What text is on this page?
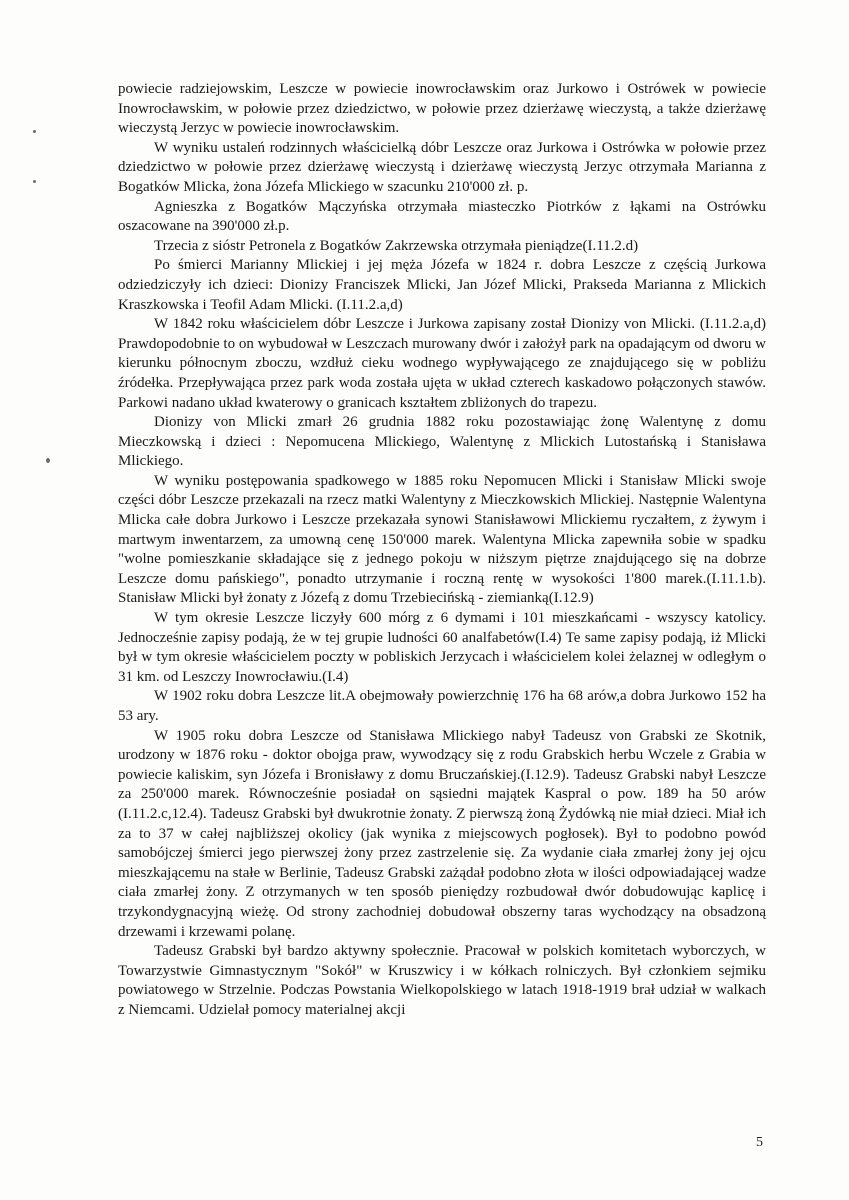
powiecie radziejowskim, Leszcze w powiecie inowrocławskim oraz Jurkowo i Ostrówek w powiecie Inowrocławskim, w połowie przez dziedzictwo, w połowie przez dzierżawę wieczystą, a także dzierżawę wieczystą Jerzyc w powiecie inowrocławskim.

W wyniku ustaleń rodzinnych właścicielką dóbr Leszcze oraz Jurkowa i Ostrówka w połowie przez dziedzictwo w połowie przez dzierżawę wieczystą i dzierżawę wieczystą Jerzyc otrzymała Marianna z Bogatków Mlicka, żona Józefa Mlickiego w szacunku 210'000 zł. p.

Agnieszka z Bogatków Mączyńska otrzymała miasteczko Piotrków z łąkami na Ostrówku oszacowane na 390'000 zł.p.

Trzecia z sióstr Petronela z Bogatków Zakrzewska otrzymała pieniądze(I.11.2.d)

Po śmierci Marianny Mlickiej i jej męża Józefa w 1824 r. dobra Leszcze z częścią Jurkowa odziedziczyły ich dzieci: Dionizy Franciszek Mlicki, Jan Józef Mlicki, Prakseda Marianna z Mlickich Kraszkowska i Teofil Adam Mlicki. (I.11.2.a,d)

W 1842 roku właścicielem dóbr Leszcze i Jurkowa zapisany został Dionizy von Mlicki. (I.11.2.a,d) Prawdopodobnie to on wybudował w Leszczach murowany dwór i założył park na opadającym od dworu w kierunku północnym zboczu, wzdłuż cieku wodnego wypływającego ze znajdującego się w pobliżu źródełka. Przepływająca przez park woda została ujęta w układ czterech kaskadowo połączonych stawów. Parkowi nadano układ kwaterowy o granicach kształtem zbliżonych do trapezu.

Dionizy von Mlicki zmarł 26 grudnia 1882 roku pozostawiając żonę Walentynę z domu Mieczkowską i dzieci : Nepomucena Mlickiego, Walentynę z Mlickich Lutostańską i Stanisława Mlickiego.

W wyniku postępowania spadkowego w 1885 roku Nepomucen Mlicki i Stanisław Mlicki swoje części dóbr Leszcze przekazali na rzecz matki Walentyny z Mieczkowskich Mlickiej. Następnie Walentyna Mlicka całe dobra Jurkowo i Leszcze przekazała synowi Stanisławowi Mlickiemu ryczałtem, z żywym i martwym inwentarzem, za umowną cenę 150'000 marek. Walentyna Mlicka zapewniła sobie w spadku "wolne pomieszkanie składające się z jednego pokoju w niższym piętrze znajdującego się na dobrze Leszcze domu pańskiego", ponadto utrzymanie i roczną rentę w wysokości 1'800 marek.(I.11.1.b). Stanisław Mlicki był żonaty z Józefą z domu Trzebiecińską - ziemianką(I.12.9)

W tym okresie Leszcze liczyły 600 mórg z 6 dymami i 101 mieszkańcami - wszyscy katolicy. Jednocześnie zapisy podają, że w tej grupie ludności 60 analfabetów(I.4) Te same zapisy podają, iż Mlicki był w tym okresie właścicielem poczty w pobliskich Jerzycach i właścicielem kolei żelaznej w odległym o 31 km. od Leszczy Inowrocławiu.(I.4)

W 1902 roku dobra Leszcze lit.A obejmowały powierzchnię 176 ha 68 arów,a dobra Jurkowo 152 ha 53 ary.

W 1905 roku dobra Leszcze od Stanisława Mlickiego nabył Tadeusz von Grabski ze Skotnik, urodzony w 1876 roku - doktor obojga praw, wywodzący się z rodu Grabskich herbu Wczele z Grabia w powiecie kaliskim, syn Józefa i Bronisławy z domu Bruczańskiej.(I.12.9). Tadeusz Grabski nabył Leszcze za 250'000 marek. Równocześnie posiadał on sąsiedni majątek Kaspral o pow. 189 ha 50 arów (I.11.2.c,12.4). Tadeusz Grabski był dwukrotnie żonaty. Z pierwszą żoną Żydówką nie miał dzieci. Miał ich za to 37 w całej najbliższej okolicy (jak wynika z miejscowych pogłosek). Był to podobno powód samobójczej śmierci jego pierwszej żony przez zastrzelenie się. Za wydanie ciała zmarłej żony jej ojcu mieszkającemu na stałe w Berlinie, Tadeusz Grabski zażądał podobno złota w ilości odpowiadającej wadze ciała zmarłej żony. Z otrzymanych w ten sposób pieniędzy rozbudował dwór dobudowując kaplicę i trzykondygnacyjną wieżę. Od strony zachodniej dobudował obszerny taras wychodzący na obsadzoną drzewami i krzewami polanę.

Tadeusz Grabski był bardzo aktywny społecznie. Pracował w polskich komitetach wyborczych, w Towarzystwie Gimnastycznym "Sokół" w Kruszwicy i w kółkach rolniczych. Był członkiem sejmiku powiatowego w Strzelnie. Podczas Powstania Wielkopolskiego w latach 1918-1919 brał udział w walkach z Niemcami. Udzielał pomocy materialnej akcji

5
